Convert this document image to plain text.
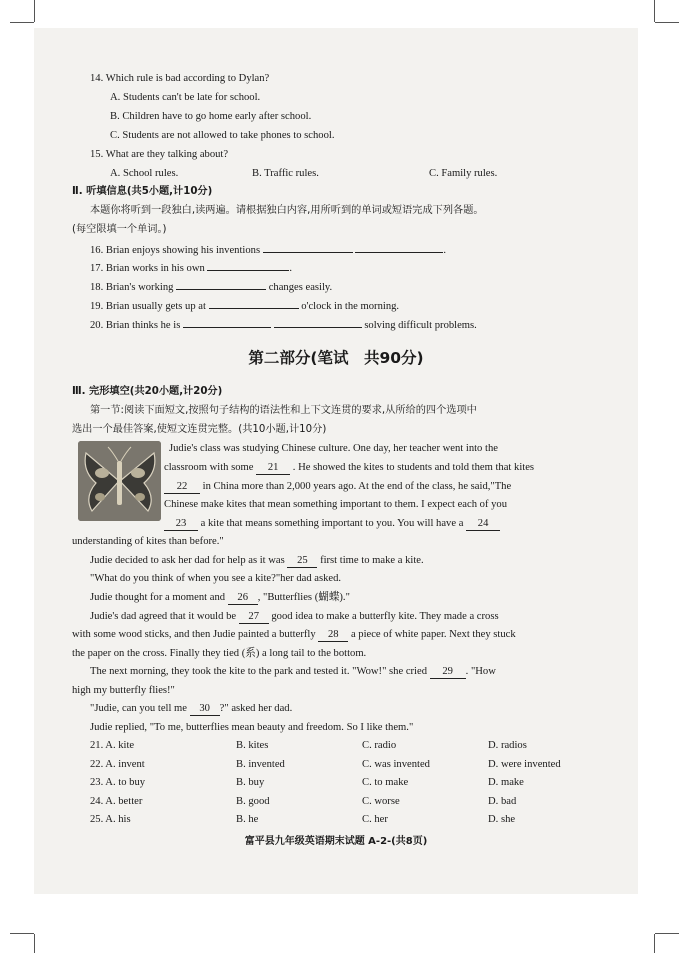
14. Which rule is bad according to Dylan?
A. Students can't be late for school.
B. Children have to go home early after school.
C. Students are not allowed to take phones to school.
15. What are they talking about?
A. School rules.	B. Traffic rules.	C. Family rules.
Ⅱ. 听填信息(共5小题,计10分)
本题你将听到一段独白,读两遍。请根据独白内容,用所听到的单词或短语完成下列各题。
(每空限填一个单词。)
16. Brian enjoys showing his inventions	.
17. Brian works in his own	.
18. Brian's working	changes easily.
19. Brian usually gets up at	o'clock in the morning.
20. Brian thinks he is	solving difficult problems.
第二部分(笔试　共90分)
Ⅲ. 完形填空(共20小题,计20分)
第一节:阅读下面短文,按照句子结构的语法性和上下文连贯的要求,从所给的四个选项中
选出一个最佳答案,使短文连贯完整。(共10小题,计10分)
Judie's class was studying Chinese culture. One day, her teacher went into the
classroom with some 21 . He showed the kites to students and told them that kites
22 in China more than 2,000 years ago. At the end of the class, he said,"The
Chinese make kites that mean something important to them. I expect each of you
23 a kite that means something important to you. You will have a 24
understanding of kites than before."
Judie decided to ask her dad for help as it was 25 first time to make a kite.
"What do you think of when you see a kite?"her dad asked.
Judie thought for a moment and 26 , "Butterflies (蝴蝶)."
Judie's dad agreed that it would be 27 good idea to make a butterfly kite. They made a cross
with some wood sticks, and then Judie painted a butterfly 28 a piece of white paper. Next they stuck
the paper on the cross. Finally they tied (系) a long tail to the bottom.
The next morning, they took the kite to the park and tested it. "Wow!" she cried 29 . "How
high my butterfly flies!"
"Judie, can you tell me 30 ?" asked her dad.
Judie replied, "To me, butterflies mean beauty and freedom. So I like them."
21. A. kite	B. kites	C. radio	D. radios
22. A. invent	B. invented	C. was invented	D. were invented
23. A. to buy	B. buy	C. to make	D. make
24. A. better	B. good	C. worse	D. bad
25. A. his	B. he	C. her	D. she
富平县九年级英语期末试题 A-2-(共8页)
